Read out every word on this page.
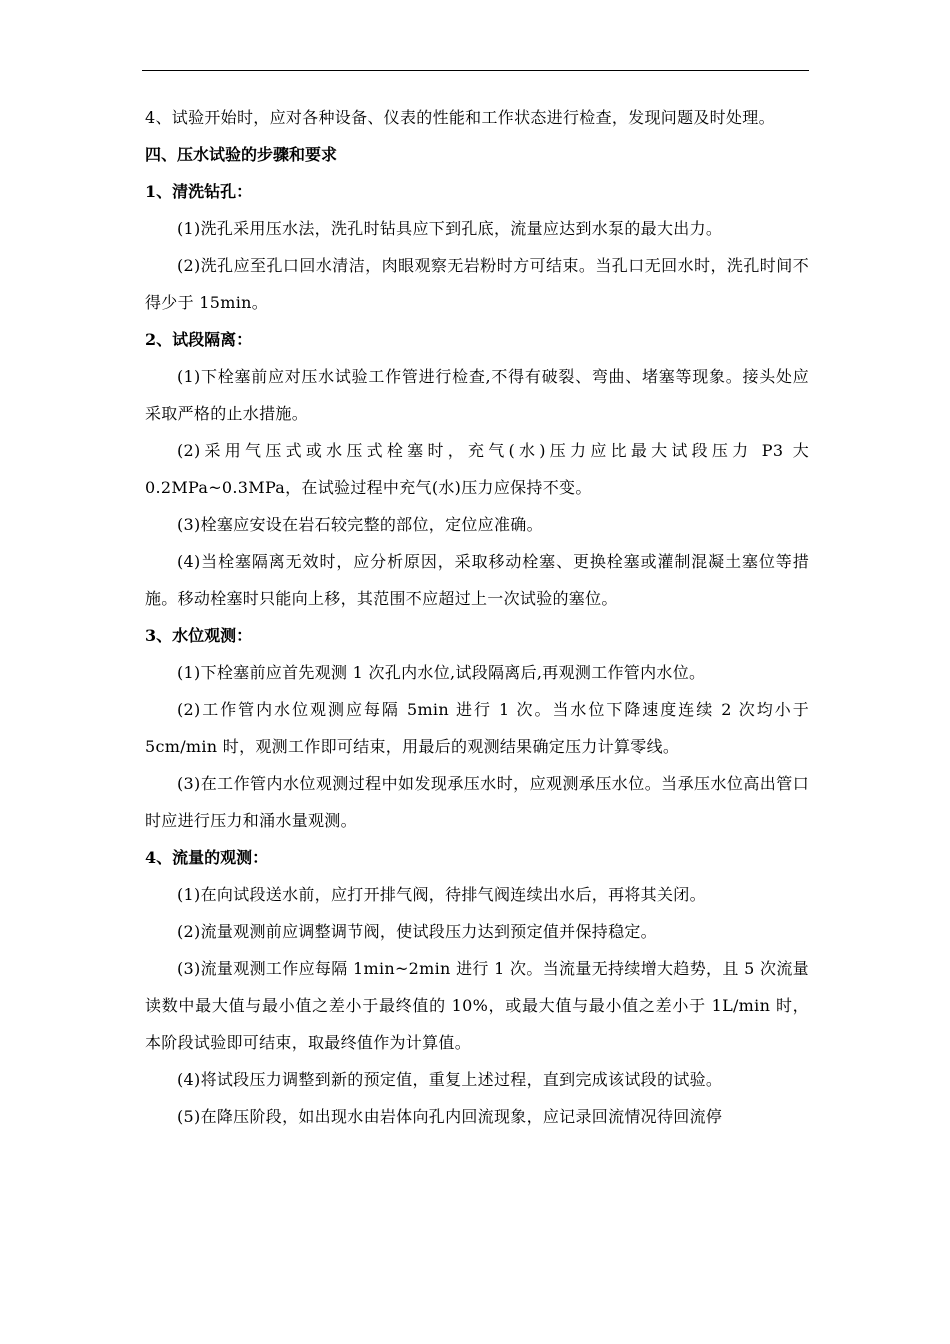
4、试验开始时，应对各种设备、仪表的性能和工作状态进行检查，发现问题及时处理。

四、压水试验的步骤和要求

1、清洗钻孔：

(1)洗孔采用压水法，洗孔时钻具应下到孔底，流量应达到水泵的最大出力。

(2)洗孔应至孔口回水清洁，肉眼观察无岩粉时方可结束。当孔口无回水时，洗孔时间不得少于 15min。

2、试段隔离：

(1)下栓塞前应对压水试验工作管进行检查,不得有破裂、弯曲、堵塞等现象。接头处应采取严格的止水措施。

(2)采用气压式或水压式栓塞时，充气(水)压力应比最大试段压力 P3 大 0.2MPa~0.3MPa，在试验过程中充气(水)压力应保持不变。

(3)栓塞应安设在岩石较完整的部位，定位应准确。

(4)当栓塞隔离无效时，应分析原因，采取移动栓塞、更换栓塞或灌制混凝土塞位等措施。移动栓塞时只能向上移，其范围不应超过上一次试验的塞位。

3、水位观测：

(1)下栓塞前应首先观测 1 次孔内水位,试段隔离后,再观测工作管内水位。

(2)工作管内水位观测应每隔 5min 进行 1 次。当水位下降速度连续 2 次均小于 5cm/min 时，观测工作即可结束，用最后的观测结果确定压力计算零线。

(3)在工作管内水位观测过程中如发现承压水时，应观测承压水位。当承压水位高出管口时应进行压力和涌水量观测。

4、流量的观测：

(1)在向试段送水前，应打开排气阀，待排气阀连续出水后，再将其关闭。

(2)流量观测前应调整调节阀，使试段压力达到预定值并保持稳定。

(3)流量观测工作应每隔 1min~2min 进行 1 次。当流量无持续增大趋势，且 5 次流量读数中最大值与最小值之差小于最终值的 10%，或最大值与最小值之差小于 1L/min 时，本阶段试验即可结束，取最终值作为计算值。

(4)将试段压力调整到新的预定值，重复上述过程，直到完成该试段的试验。

(5)在降压阶段，如出现水由岩体向孔内回流现象，应记录回流情况待回流停
